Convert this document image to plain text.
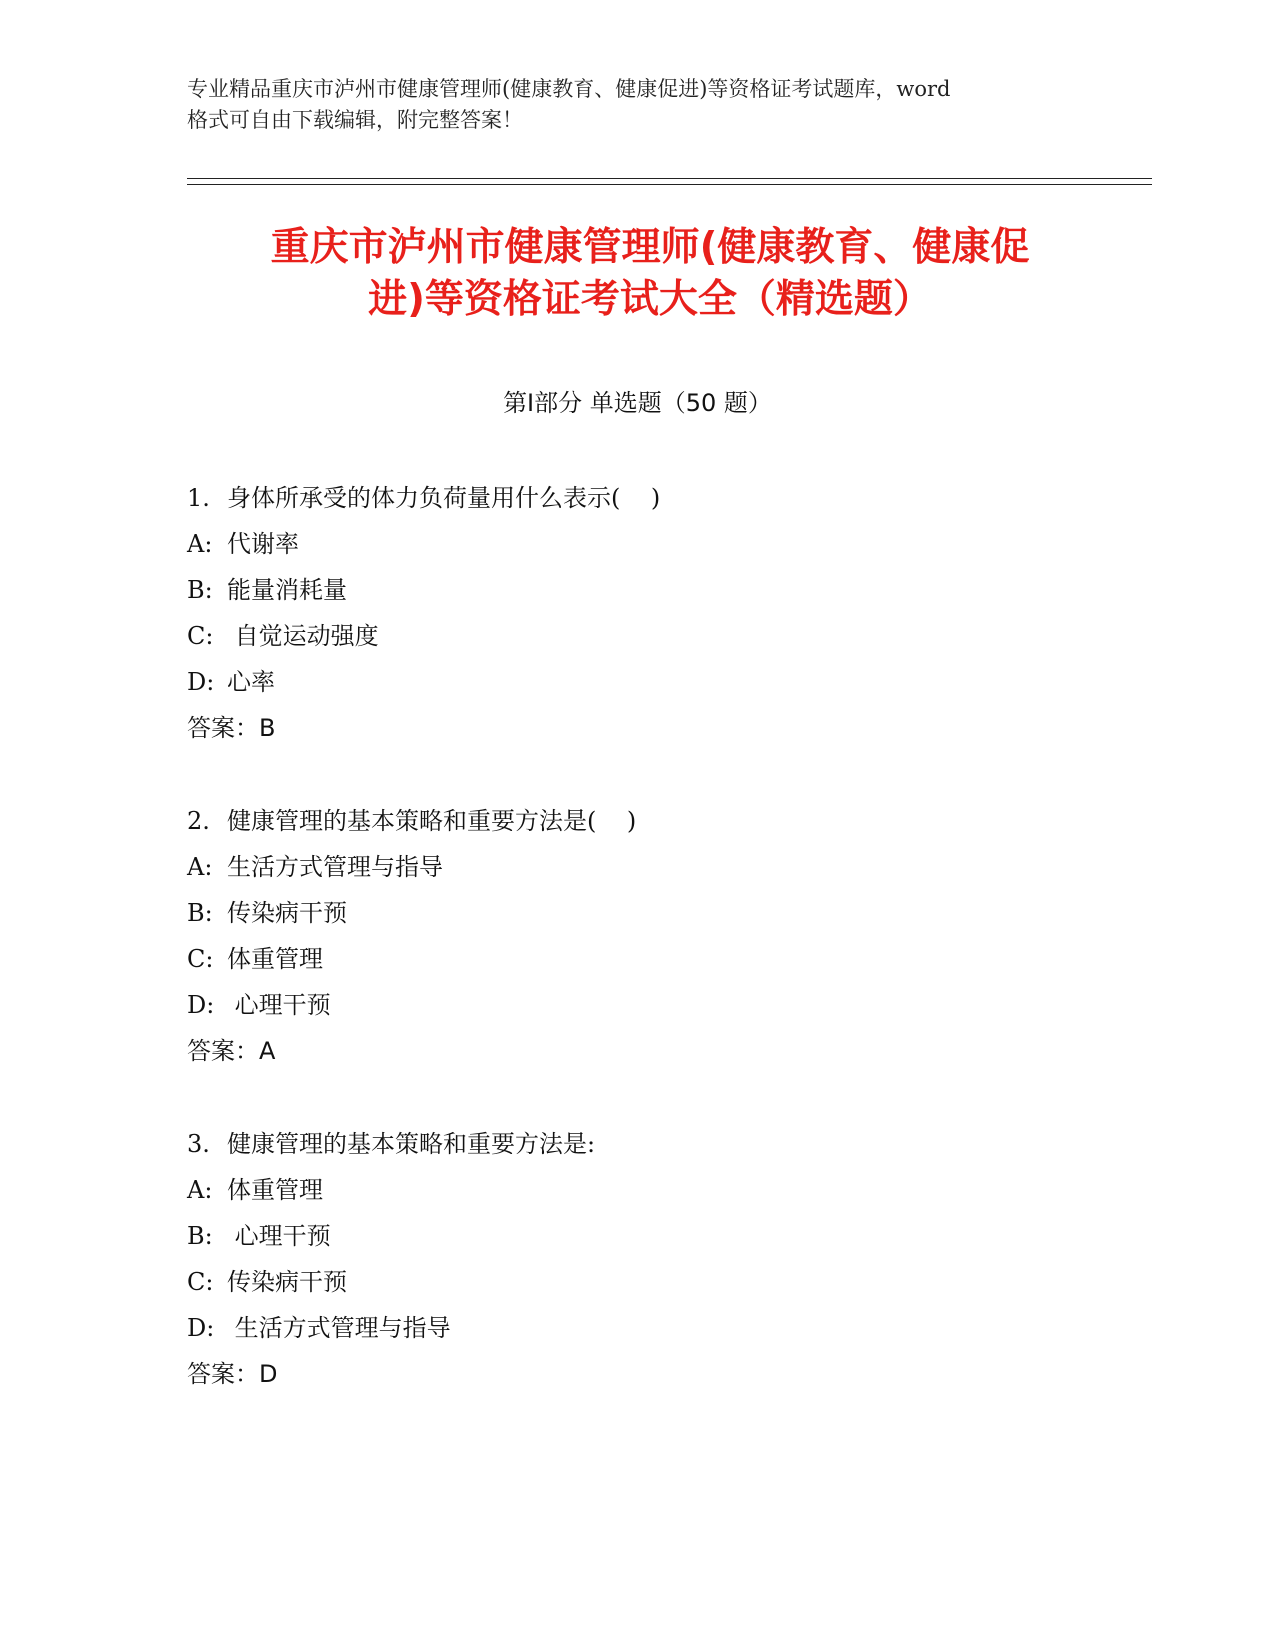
专业精品重庆市泸州市健康管理师(健康教育、健康促进)等资格证考试题库，word
格式可自由下载编辑，附完整答案！
重庆市泸州市健康管理师(健康教育、健康促
进)等资格证考试大全（精选题）
第Ⅰ部分 单选题（50 题）
1. 身体所承受的体力负荷量用什么表示(    )
A: 代谢率
B: 能量消耗量
C: 自觉运动强度
D: 心率
答案：B
2. 健康管理的基本策略和重要方法是(    )
A: 生活方式管理与指导
B: 传染病干预
C: 体重管理
D: 心理干预
答案：A
3. 健康管理的基本策略和重要方法是:
A: 体重管理
B: 心理干预
C: 传染病干预
D: 生活方式管理与指导
答案：D
